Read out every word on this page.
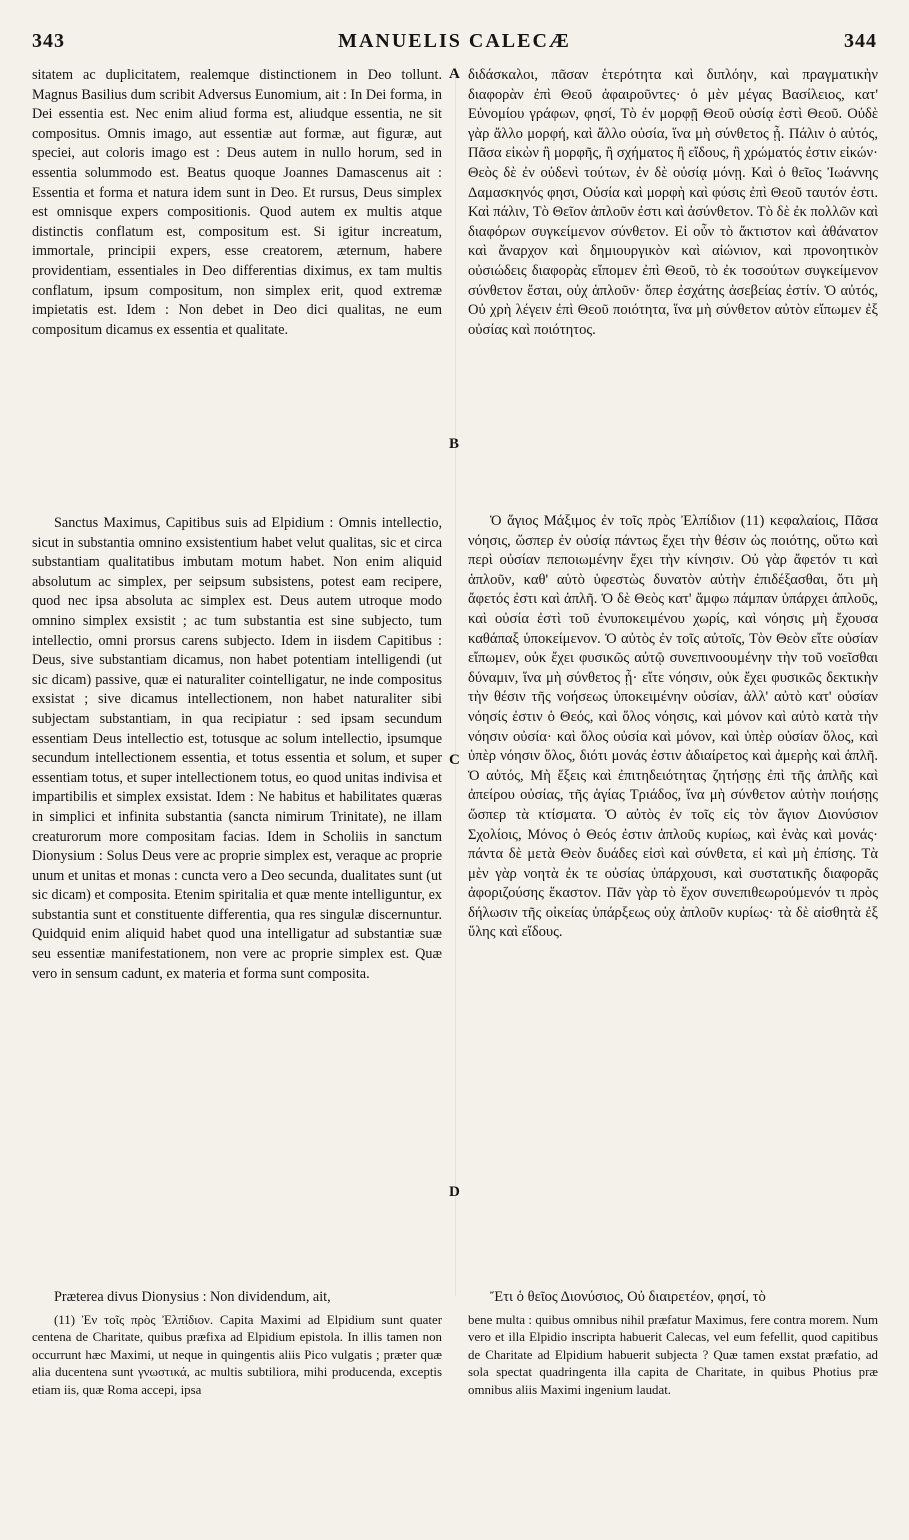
343	MANUELIS CALECÆ	344

sitatem ac duplicitatem, realemque distinctionem in Deo tollunt. Magnus Basilius dum scribit Adversus Eunomium, ait : In Dei forma, in Dei essentia est. Nec enim aliud forma est, aliudque essentia, ne sit compositus. Omnis imago, aut essentiæ aut formæ, aut figuræ, aut speciei, aut coloris imago est : Deus autem in nullo horum, sed in essentia solummodo est. Beatus quoque Joannes Damascenus ait : Essentia et forma et natura idem sunt in Deo. Et rursus, Deus simplex est omnisque expers compositionis. Quod autem ex multis atque distinctis conflatum est, compositum est. Si igitur increatum, immortale, principii expers, esse creatorem, æternum, habere providentiam, essentiales in Deo differentias diximus, ex tam multis conflatum, ipsum compositum, non simplex erit, quod extremæ impietatis est. Idem : Non debet in Deo dici qualitas, ne eum compositum dicamus ex essentia et qualitate.

Sanctus Maximus, Capitibus suis ad Elpidium : Omnis intellectio, sicut in substantia omnino exsistentium habet velut qualitas, sic et circa substantiam qualitatibus imbutam motum habet. Non enim aliquid absolutum ac simplex, per seipsum subsistens, potest eam recipere, quod nec ipsa absoluta ac simplex est. Deus autem utroque modo omnino simplex exsistit ; ac tum substantia est sine subjecto, tum intellectio, omni prorsus carens subjecto. Idem in iisdem Capitibus : Deus, sive substantiam dicamus, non habet potentiam intelligendi (ut sic dicam) passive, quæ ei naturaliter cointelligatur, ne inde compositus exsistat ; sive dicamus intellectionem, non habet naturaliter sibi subjectam substantiam, in qua recipiatur : sed ipsam secundum essentiam Deus intellectio est, totusque ac solum intellectio, ipsumque secundum intellectionem essentia, et totus essentia et solum, et super essentiam totus, et super intellectionem totus, eo quod unitas indivisa et impartibilis et simplex exsistat. Idem : Ne habitus et habilitates quæras in simplici et infinita substantia (sancta nimirum Trinitate), ne illam creaturorum more compositam facias. Idem in Scholiis in sanctum Dionysium : Solus Deus vere ac proprie simplex est, veraque ac proprie unum et unitas et monas : cuncta vero a Deo secunda, dualitates sunt (ut sic dicam) et composita. Etenim spiritalia et quæ mente intelliguntur, ex substantia sunt et constituente differentia, qua res singulæ discernuntur. Quidquid enim aliquid habet quod una intelligatur ad substantiæ suæ seu essentiæ manifestationem, non vere ac proprie simplex est. Quæ vero in sensum cadunt, ex materia et forma sunt composita.

Præterea divus Dionysius : Non dividendum, ait,

διδάσκαλοι, πᾶσαν ἑτερότητα καὶ διπλόην, καὶ πραγματικὴν διαφορὰν ἐπὶ Θεοῦ ἀφαιροῦντες· ὁ μὲν μέγας Βασίλειος, κατ' Εὐνομίου γράφων, φησί, Τὸ ἐν μορφῇ Θεοῦ οὐσίᾳ ἐστὶ Θεοῦ. Οὐδὲ γὰρ ἄλλο μορφή, καὶ ἄλλο οὐσία, ἵνα μὴ σύνθετος ᾖ. Πάλιν ὁ αὐτός, Πᾶσα εἰκὼν ἢ μορφῆς, ἢ σχήματος ἢ εἴδους, ἢ χρώματός ἐστιν εἰκών· Θεὸς δὲ ἐν οὐδενὶ τούτων, ἐν δὲ οὐσίᾳ μόνῃ. Καὶ ὁ θεῖος Ἰωάννης Δαμασκηνός φησι, Οὐσία καὶ μορφὴ καὶ φύσις ἐπὶ Θεοῦ ταυτόν ἐστι. Καὶ πάλιν, Τὸ Θεῖον ἁπλοῦν ἐστι καὶ ἀσύνθετον. Τὸ δὲ ἐκ πολλῶν καὶ διαφόρων συγκείμενον σύνθετον. Εἰ οὖν τὸ ἄκτιστον καὶ ἀθάνατον καὶ ἄναρχον καὶ δημιουργικὸν καὶ αἰώνιον, καὶ προνοητικὸν οὐσιώδεις διαφορὰς εἴπομεν ἐπὶ Θεοῦ, τὸ ἐκ τοσούτων συγκείμενον σύνθετον ἔσται, οὐχ ἁπλοῦν· ὅπερ ἐσχάτης ἀσεβείας ἐστίν. Ὁ αὐτός, Οὐ χρὴ λέγειν ἐπὶ Θεοῦ ποιότητα, ἵνα μὴ σύνθετον αὐτὸν εἴπωμεν ἐξ οὐσίας καὶ ποιότητος.

Ὁ ἅγιος Μάξιμος ἐν τοῖς πρὸς Ἐλπίδιον (11) κεφαλαίοις, Πᾶσα νόησις, ὥσπερ ἐν οὐσίᾳ πάντως ἔχει τὴν θέσιν ὡς ποιότης, οὕτω καὶ περὶ οὐσίαν πεποιωμένην ἔχει τὴν κίνησιν. Οὐ γὰρ ἄφετόν τι καὶ ἁπλοῦν, καθ' αὑτὸ ὑφεστὼς δυνατὸν αὐτὴν ἐπιδέξασθαι, ὅτι μὴ ἄφετός ἐστι καὶ ἁπλῆ. Ὁ δὲ Θεὸς κατ' ἄμφω πάμπαν ὑπάρχει ἁπλοῦς, καὶ οὐσία ἐστὶ τοῦ ἐνυποκειμένου χωρίς, καὶ νόησις μὴ ἔχουσα καθάπαξ ὑποκείμενον. Ὁ αὐτὸς ἐν τοῖς αὐτοῖς, Τὸν Θεὸν εἴτε οὐσίαν εἴπωμεν, οὐκ ἔχει φυσικῶς αὐτῷ συνεπινοουμένην τὴν τοῦ νοεῖσθαι δύναμιν, ἵνα μὴ σύνθετος ᾖ· εἴτε νόησιν, οὐκ ἔχει φυσικῶς δεκτικὴν τὴν θέσιν τῆς νοήσεως ὑποκειμένην οὐσίαν, ἀλλ' αὐτὸ κατ' οὐσίαν νόησίς ἐστιν ὁ Θεός, καὶ ὅλος νόησις, καὶ μόνον καὶ αὐτὸ κατὰ τὴν νόησιν οὐσία· καὶ ὅλος οὐσία καὶ μόνον, καὶ ὑπὲρ οὐσίαν ὅλος, καὶ ὑπὲρ νόησιν ὅλος, διότι μονάς ἐστιν ἀδιαίρετος καὶ ἀμερὴς καὶ ἁπλῆ. Ὁ αὐτός, Μὴ ἕξεις καὶ ἐπιτηδειότητας ζητήσῃς ἐπὶ τῆς ἁπλῆς καὶ ἀπείρου οὐσίας, τῆς ἁγίας Τριάδος, ἵνα μὴ σύνθετον αὐτὴν ποιήσῃς ὥσπερ τὰ κτίσματα. Ὁ αὐτὸς ἐν τοῖς εἰς τὸν ἅγιον Διονύσιον Σχολίοις, Μόνος ὁ Θεός ἐστιν ἁπλοῦς κυρίως, καὶ ἑνὰς καὶ μονάς· πάντα δὲ μετὰ Θεὸν δυάδες εἰσὶ καὶ σύνθετα, εἰ καὶ μὴ ἐπίσης. Τὰ μὲν γὰρ νοητὰ ἐκ τε οὐσίας ὑπάρχουσι, καὶ συστατικῆς διαφορᾶς ἀφοριζούσης ἕκαστον. Πᾶν γὰρ τὸ ἔχον συνεπιθεωρούμενόν τι πρὸς δήλωσιν τῆς οἰκείας ὑπάρξεως οὐχ ἁπλοῦν κυρίως· τὰ δὲ αἰσθητὰ ἐξ ὕλης καὶ εἴδους.

Ἔτι ὁ θεῖος Διονύσιος, Οὐ διαιρετέον, φησί, τὸ

A
B
C
D

(11) Ἐν τοῖς πρὸς Ἐλπίδιον. Capita Maximi ad Elpidium sunt quater centena de Charitate, quibus præfixa ad Elpidium epistola. In illis tamen non occurrunt hæc Maximi, ut neque in quingentis aliis Pico vulgatis ; præter quæ alia ducentena sunt γνωστικά, ac multis subtiliora, mihi producenda, exceptis etiam iis, quæ Roma accepi, ipsa

bene multa : quibus omnibus nihil præfatur Maximus, fere contra morem. Num vero et illa Elpidio inscripta habuerit Calecas, vel eum fefellit, quod capitibus de Charitate ad Elpidium habuerit subjecta ? Quæ tamen exstat præfatio, ad sola spectat quadringenta illa capita de Charitate, in quibus Photius præ omnibus aliis Maximi ingenium laudat.
